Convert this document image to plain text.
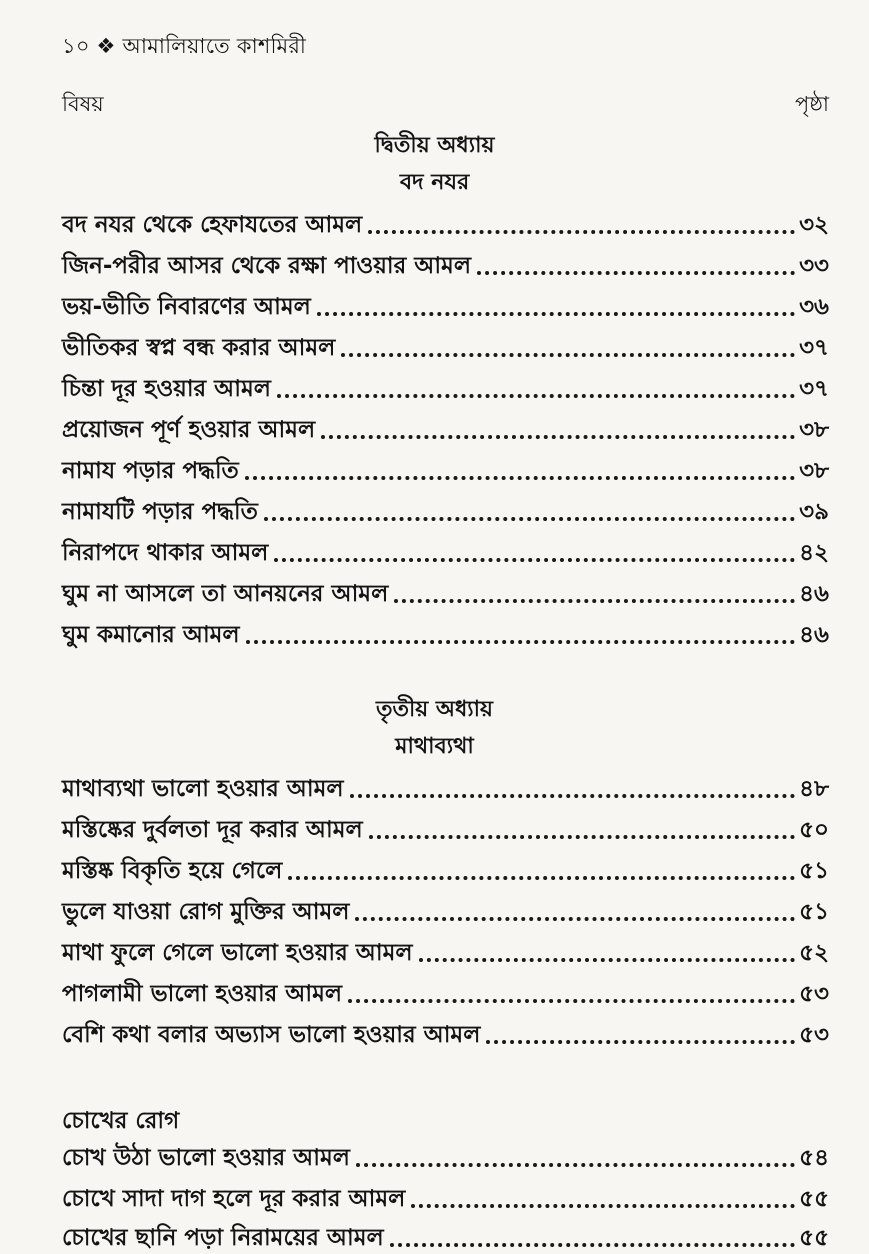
১০ ❖ আমালিয়াতে কাশমিরী
বিষয়	পৃষ্ঠা
দ্বিতীয় অধ্যায়
বদ নযর
বদ নযর থেকে হেফাযতের আমল	৩২
জিন-পরীর আসর থেকে রক্ষা পাওয়ার আমল	৩৩
ভয়-ভীতি নিবারণের আমল	৩৬
ভীতিকর স্বপ্ন বন্ধ করার আমল	৩৭
চিন্তা দূর হওয়ার আমল	৩৭
প্রয়োজন পূর্ণ হওয়ার আমল	৩৮
নামায পড়ার পদ্ধতি	৩৮
নামাযটি পড়ার পদ্ধতি	৩৯
নিরাপদে থাকার আমল	৪২
ঘুম না আসলে তা আনয়নের আমল	৪৬
ঘুম কমানোর আমল	৪৬
তৃতীয় অধ্যায়
মাথাব্যথা
মাথাব্যথা ভালো হওয়ার আমল	৪৮
মস্তিষ্কের দুর্বলতা দূর করার আমল	৫০
মস্তিষ্ক বিকৃতি হয়ে গেলে	৫১
ভুলে যাওয়া রোগ মুক্তির আমল	৫১
মাথা ফুলে গেলে ভালো হওয়ার আমল	৫২
পাগলামী ভালো হওয়ার আমল	৫৩
বেশি কথা বলার অভ্যাস ভালো হওয়ার আমল	৫৩
চোখের রোগ
চোখ উঠা ভালো হওয়ার আমল	৫৪
চোখে সাদা দাগ হলে দূর করার আমল	৫৫
চোখের ছানি পড়া নিরাময়ের আমল	৫৫
